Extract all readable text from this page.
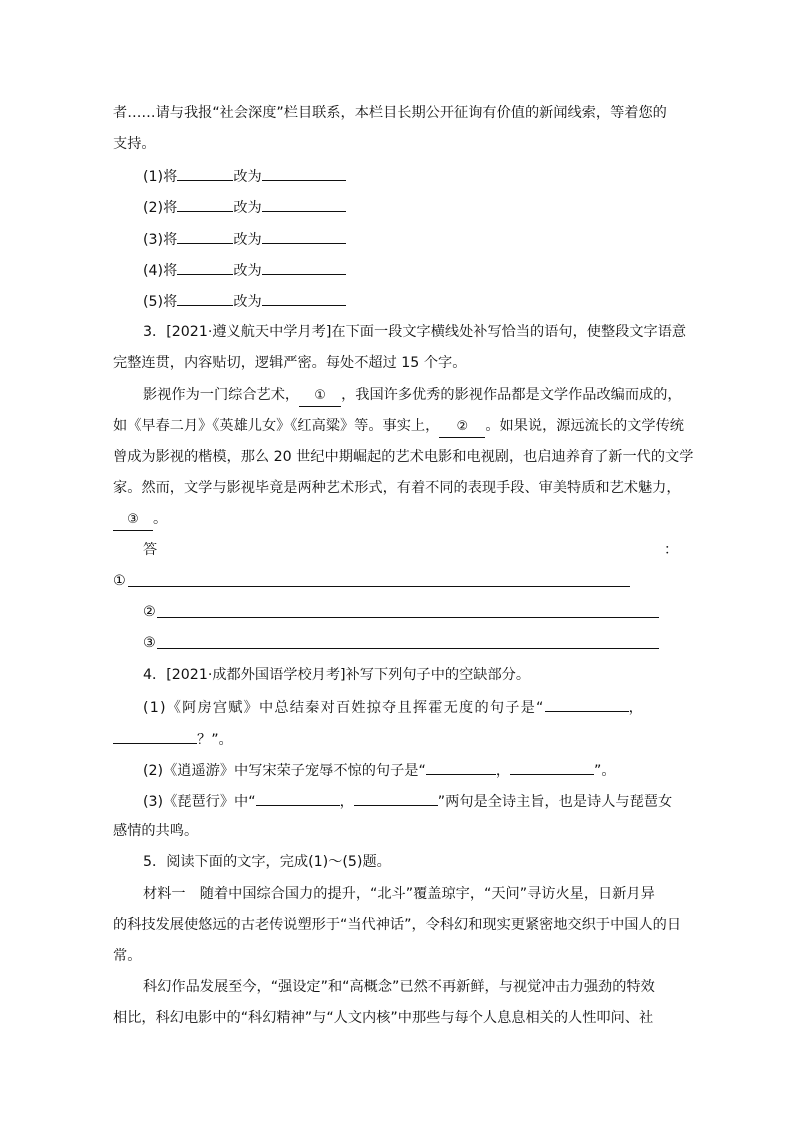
者……请与我报“社会深度”栏目联系，本栏目长期公开征询有价值的新闻线索，等着您的
支持。
(1)将	改为
(2)将	改为
(3)将	改为
(4)将	改为
(5)将	改为
3．[2021·遵义航天中学月考]在下面一段文字横线处补写恰当的语句，使整段文字语意
完整连贯，内容贴切，逻辑严密。每处不超过 15 个字。
影视作为一门综合艺术， ① ，我国许多优秀的影视作品都是文学作品改编而成的，
如《早春二月》《英雄儿女》《红高粱》等。事实上， ② 。如果说，源远流长的文学传统
曾成为影视的楷模，那么 20 世纪中期崛起的艺术电影和电视剧，也启迪养育了新一代的文学
家。然而，文学与影视毕竟是两种艺术形式，有着不同的表现手段、审美特质和艺术魅力，
③ 。
答	：
①
②
③
4．[2021·成都外国语学校月考]补写下列句子中的空缺部分。
(1)《阿房宫赋》中总结秦对百姓掠夺且挥霍无度的句子是“	，
？”。
(2)《逍遥游》中写宋荣子宠辱不惊的句子是“	，	”。
(3)《琵琶行》中“	，	”两句是全诗主旨，也是诗人与琵琶女
感情的共鸣。
5．阅读下面的文字，完成(1)～(5)题。
材料一　随着中国综合国力的提升，“北斗”覆盖琼宇，“天问”寻访火星，日新月异
的科技发展使悠远的古老传说塑形于“当代神话”，令科幻和现实更紧密地交织于中国人的日
常。
科幻作品发展至今，“强设定”和“高概念”已然不再新鲜，与视觉冲击力强劲的特效
相比，科幻电影中的“科幻精神”与“人文内核”中那些与每个人息息相关的人性叩问、社
